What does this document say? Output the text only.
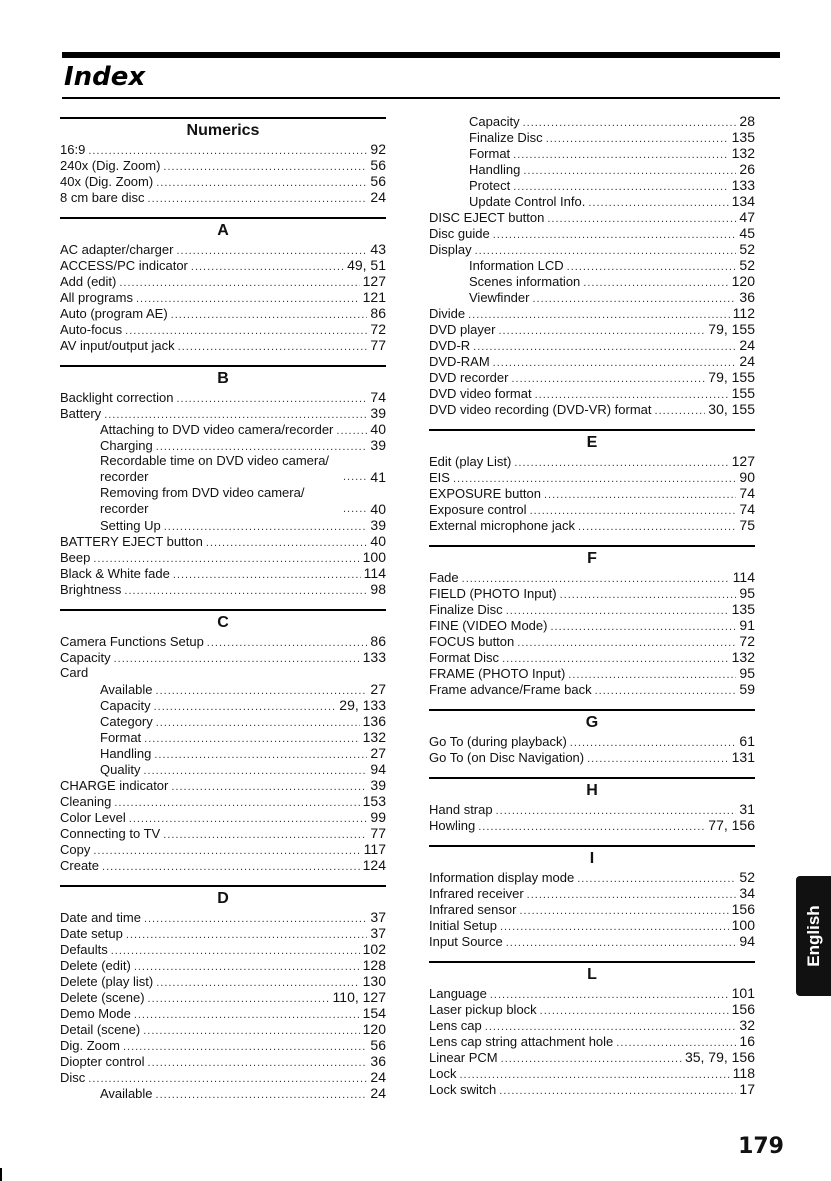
Index
Numerics
16:9 .....	92
240x (Dig. Zoom) .....	56
40x (Dig. Zoom) .....	56
8 cm bare disc .....	24
A
AC adapter/charger .....	43
ACCESS/PC indicator .....	49, 51
Add (edit) .....	127
All programs .....	121
Auto (program AE) .....	86
Auto-focus .....	72
AV input/output jack .....	77
B
Backlight correction .....	74
Battery .....	39
Attaching to DVD video camera/recorder .....	40
Charging .....	39
Recordable time on DVD video camera/ recorder .....	41
Removing from DVD video camera/ recorder .....	40
Setting Up .....	39
BATTERY EJECT button .....	40
Beep .....	100
Black & White fade .....	114
Brightness .....	98
C
Camera Functions Setup .....	86
Capacity .....	133
Card
Available .....	27
Capacity .....	29, 133
Category .....	136
Format .....	132
Handling .....	27
Quality .....	94
CHARGE indicator .....	39
Cleaning .....	153
Color Level .....	99
Connecting to TV .....	77
Copy .....	117
Create .....	124
D
Date and time .....	37
Date setup .....	37
Defaults .....	102
Delete (edit) .....	128
Delete (play list) .....	130
Delete (scene) .....	110, 127
Demo Mode .....	154
Detail (scene) .....	120
Dig. Zoom .....	56
Diopter control .....	36
Disc .....	24
Available .....	24
Capacity .....	28
Finalize Disc .....	135
Format .....	132
Handling .....	26
Protect .....	133
Update Control Info. .....	134
DISC EJECT button .....	47
Disc guide .....	45
Display .....	52
Information LCD .....	52
Scenes information .....	120
Viewfinder .....	36
Divide .....	112
DVD player .....	79, 155
DVD-R .....	24
DVD-RAM .....	24
DVD recorder .....	79, 155
DVD video format .....	155
DVD video recording (DVD-VR) format .....	30, 155
E
Edit (play List) .....	127
EIS .....	90
EXPOSURE button .....	74
Exposure control .....	74
External microphone jack .....	75
F
Fade .....	114
FIELD (PHOTO Input) .....	95
Finalize Disc .....	135
FINE (VIDEO Mode) .....	91
FOCUS button .....	72
Format Disc .....	132
FRAME (PHOTO Input) .....	95
Frame advance/Frame back .....	59
G
Go To (during playback) .....	61
Go To (on Disc Navigation) .....	131
H
Hand strap .....	31
Howling .....	77, 156
I
Information display mode .....	52
Infrared receiver .....	34
Infrared sensor .....	156
Initial Setup .....	100
Input Source .....	94
L
Language .....	101
Laser pickup block .....	156
Lens cap .....	32
Lens cap string attachment hole .....	16
Linear PCM .....	35, 79, 156
Lock .....	118
Lock switch .....	17
English
179
